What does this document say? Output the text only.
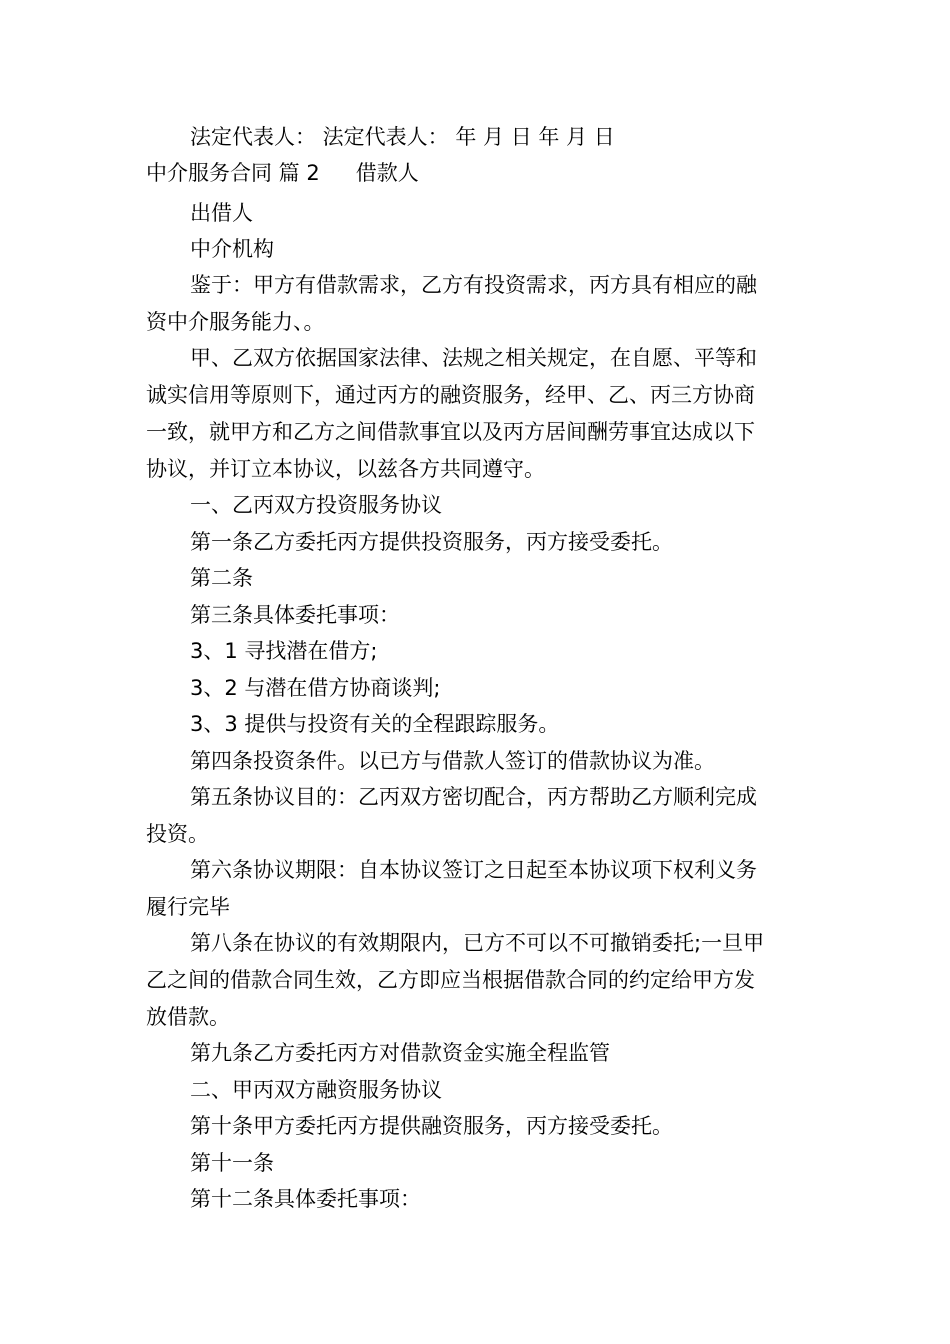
法定代表人： 法定代表人： 年 月 日 年 月 日
中介服务合同 篇 2 借款人
出借人
中介机构
鉴于：甲方有借款需求，乙方有投资需求，丙方具有相应的融
资中介服务能力、。
甲、乙双方依据国家法律、法规之相关规定，在自愿、平等和
诚实信用等原则下，通过丙方的融资服务，经甲、乙、丙三方协商
一致，就甲方和乙方之间借款事宜以及丙方居间酬劳事宜达成以下
协议，并订立本协议，以兹各方共同遵守。
一、乙丙双方投资服务协议
第一条乙方委托丙方提供投资服务，丙方接受委托。
第二条
第三条具体委托事项：
3、1 寻找潜在借方;
3、2 与潜在借方协商谈判;
3、3 提供与投资有关的全程跟踪服务。
第四条投资条件。以已方与借款人签订的借款协议为准。
第五条协议目的：乙丙双方密切配合，丙方帮助乙方顺利完成
投资。
第六条协议期限：自本协议签订之日起至本协议项下权利义务
履行完毕
第八条在协议的有效期限内，已方不可以不可撤销委托;一旦甲
乙之间的借款合同生效，乙方即应当根据借款合同的约定给甲方发
放借款。
第九条乙方委托丙方对借款资金实施全程监管
二、甲丙双方融资服务协议
第十条甲方委托丙方提供融资服务，丙方接受委托。
第十一条
第十二条具体委托事项：
